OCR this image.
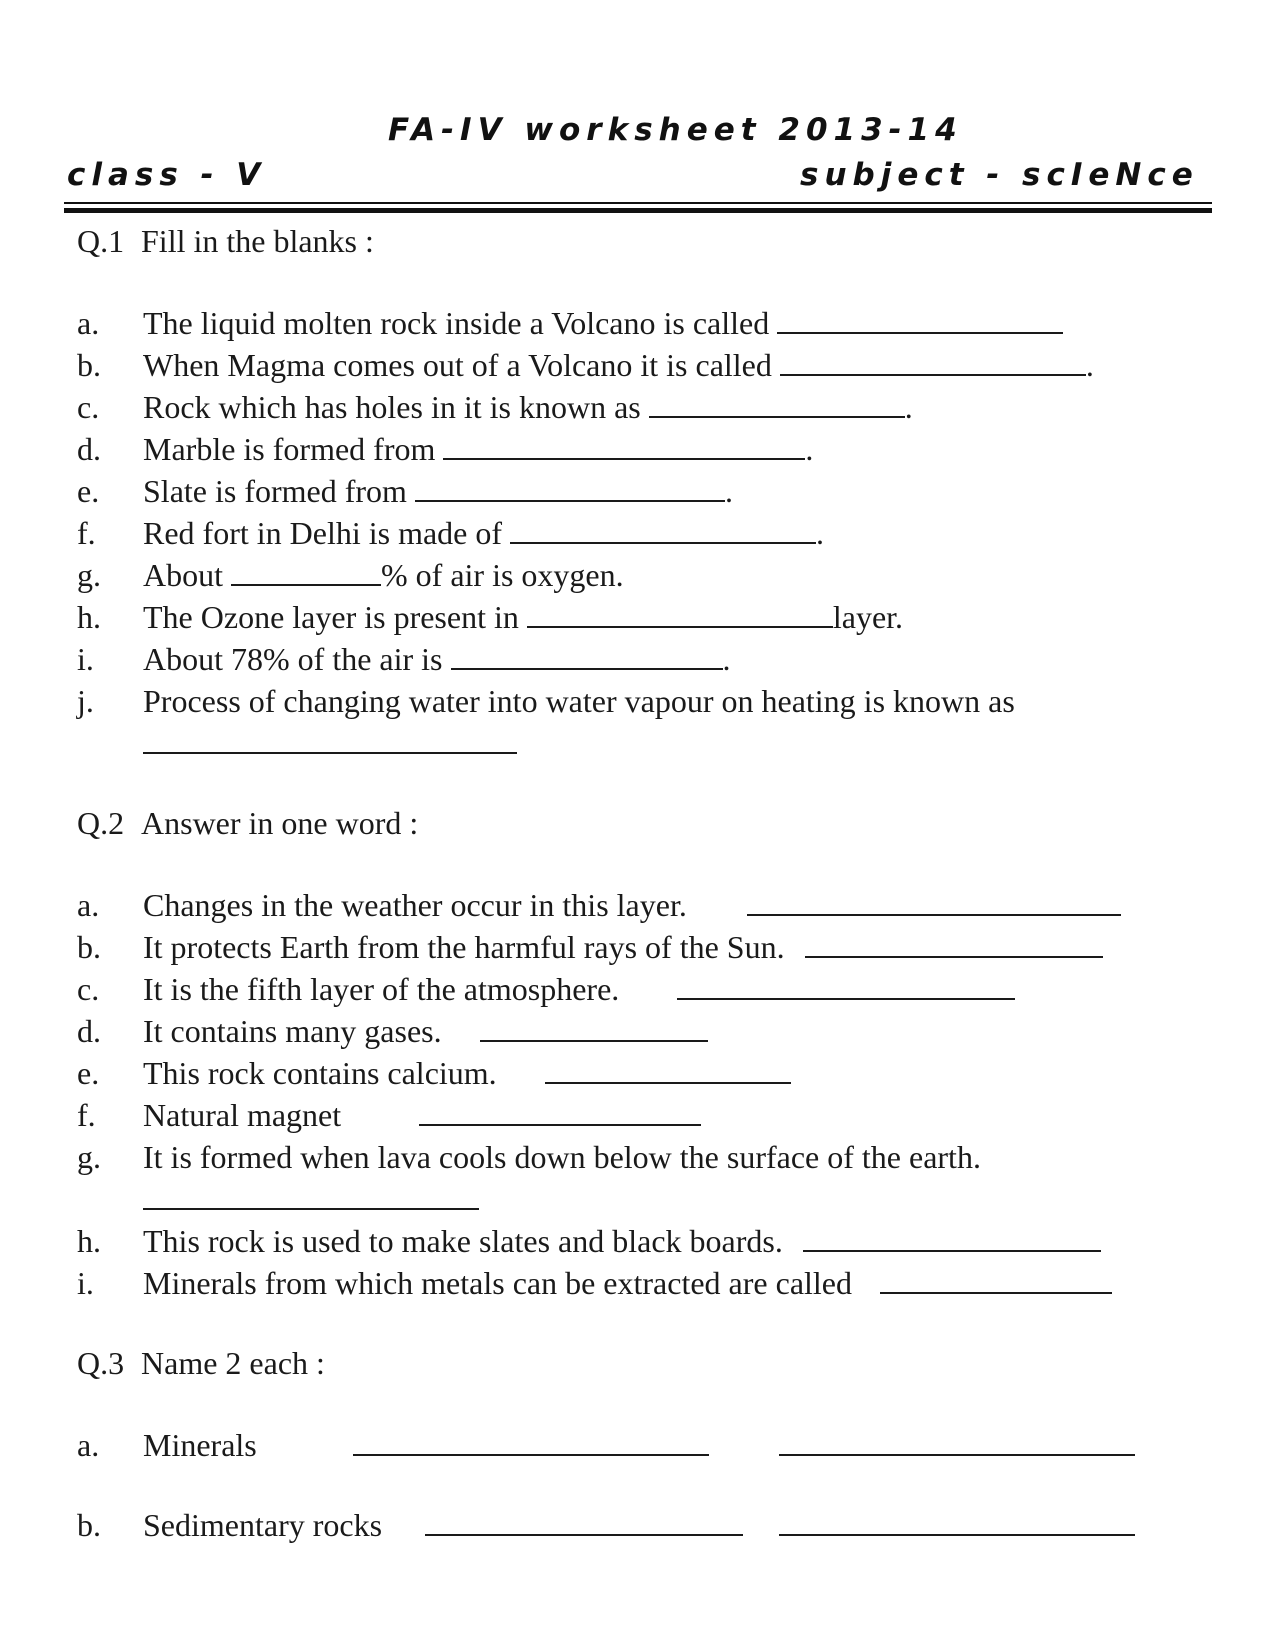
FA-IV worksheet 2013-14
class - V	subject - scIeNce
Q.1 Fill in the blanks :
a.	The liquid molten rock inside a Volcano is called

b.	When Magma comes out of a Volcano it is called
	.
c.	Rock which has holes in it is known as
	.
d.	Marble is formed from
	.
e.	Slate is formed from
	.
f.	Red fort in Delhi is made of
	.
g.	About
	% of air is oxygen.
h.	The Ozone layer is present in
	layer.
i.	About 78% of the air is
	.
j.	Process of changing water into water vapour on heating is known as
Q.2 Answer in one word :
a.	Changes in the weather occur in this layer.
b.	It protects Earth from the harmful rays of the Sun.
c.	It is the fifth layer of the atmosphere.
d.	It contains many gases.
e.	This rock contains calcium.
f.	Natural magnet
g.	It is formed when lava cools down below the surface of the earth.
h.	This rock is used to make slates and black boards.
i.	Minerals from which metals can be extracted are called
Q.3 Name 2 each :
a.	Minerals
b.	Sedimentary rocks
